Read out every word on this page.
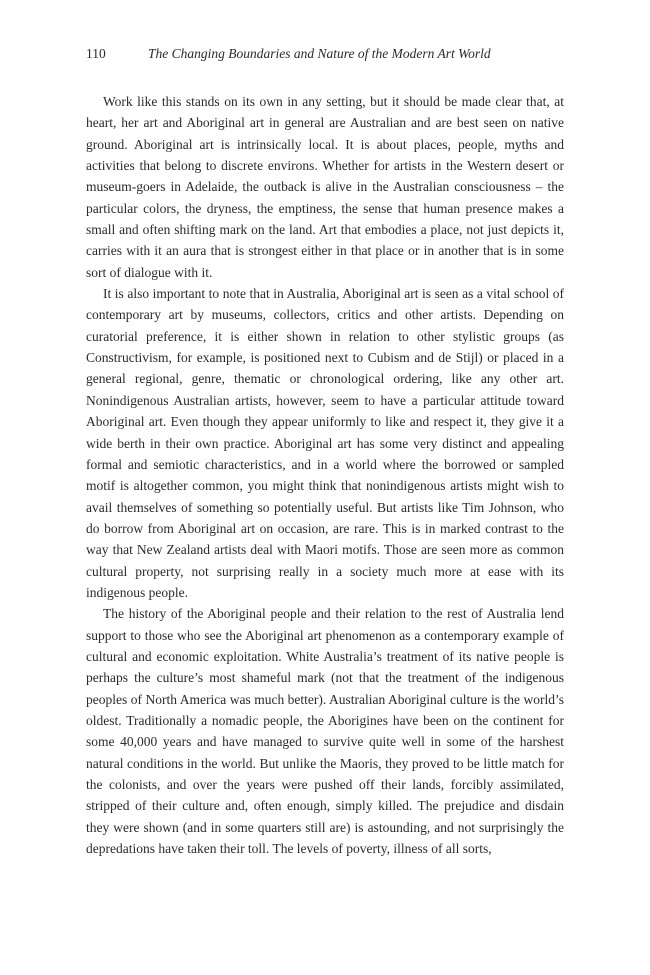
110	The Changing Boundaries and Nature of the Modern Art World

Work like this stands on its own in any setting, but it should be made clear that, at heart, her art and Aboriginal art in general are Australian and are best seen on native ground. Aboriginal art is intrinsically local. It is about places, people, myths and activities that belong to discrete environs. Whether for artists in the Western desert or museum-goers in Adelaide, the outback is alive in the Australian consciousness – the particular colors, the dryness, the emptiness, the sense that human presence makes a small and often shifting mark on the land. Art that embodies a place, not just depicts it, carries with it an aura that is strongest either in that place or in another that is in some sort of dialogue with it.

It is also important to note that in Australia, Aboriginal art is seen as a vital school of contemporary art by museums, collectors, critics and other artists. Depending on curatorial preference, it is either shown in relation to other stylistic groups (as Constructivism, for example, is positioned next to Cubism and de Stijl) or placed in a general regional, genre, thematic or chronological ordering, like any other art. Nonindigenous Australian artists, however, seem to have a particular attitude toward Aboriginal art. Even though they appear uniformly to like and respect it, they give it a wide berth in their own practice. Aboriginal art has some very distinct and appealing formal and semiotic characteristics, and in a world where the borrowed or sampled motif is altogether common, you might think that nonindigenous artists might wish to avail themselves of something so potentially useful. But artists like Tim Johnson, who do borrow from Aboriginal art on occasion, are rare. This is in marked contrast to the way that New Zealand artists deal with Maori motifs. Those are seen more as common cultural property, not surprising really in a society much more at ease with its indigenous people.

The history of the Aboriginal people and their relation to the rest of Australia lend support to those who see the Aboriginal art phenomenon as a contemporary example of cultural and economic exploitation. White Australia’s treatment of its native people is perhaps the culture’s most shameful mark (not that the treatment of the indigenous peoples of North America was much better). Australian Aboriginal culture is the world’s oldest. Traditionally a nomadic people, the Aborigines have been on the continent for some 40,000 years and have managed to survive quite well in some of the harshest natural conditions in the world. But unlike the Maoris, they proved to be little match for the colonists, and over the years were pushed off their lands, forcibly assimilated, stripped of their culture and, often enough, simply killed. The prejudice and disdain they were shown (and in some quarters still are) is astounding, and not surprisingly the depredations have taken their toll. The levels of poverty, illness of all sorts,
